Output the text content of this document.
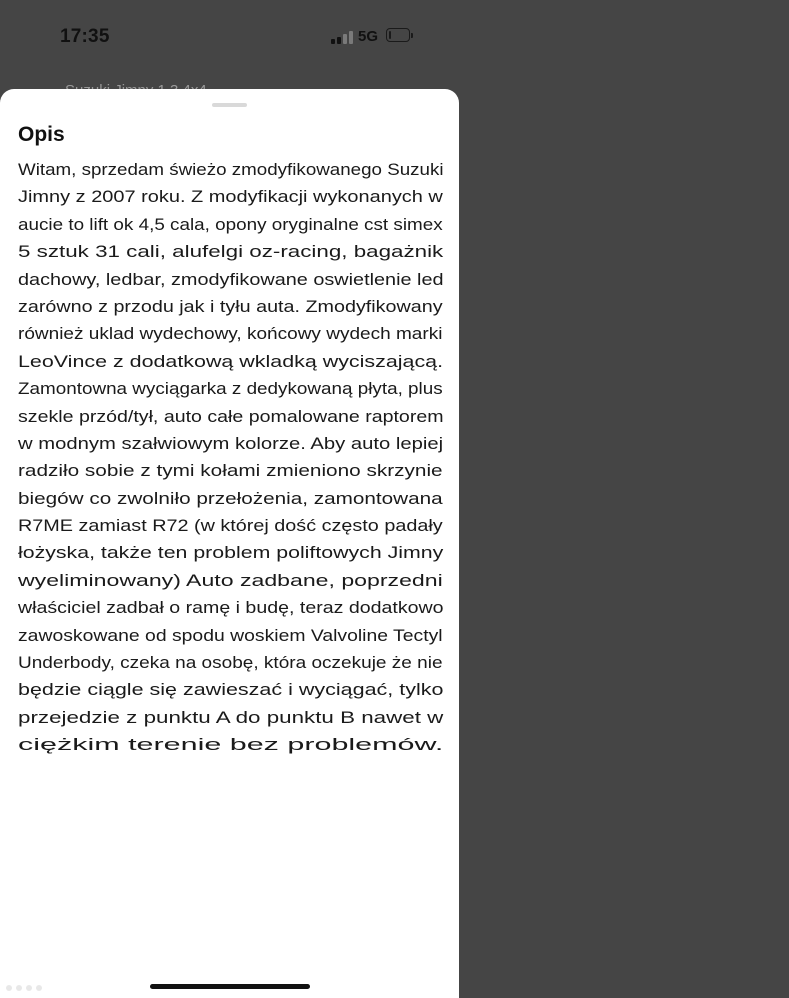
17:35	5G
Opis
Witam, sprzedam świeżo zmodyfikowanego Suzuki
Jimny z 2007 roku. Z modyfikacji wykonanych w
aucie to lift ok 4,5 cala, opony oryginalne cst simex
5 sztuk 31 cali, alufelgi oz-racing, bagażnik
dachowy, ledbar, zmodyfikowane oswietlenie led
zarówno z przodu jak i tyłu auta. Zmodyfikowany
również uklad wydechowy, końcowy wydech marki
LeoVince z dodatkową wkladką wyciszającą.
Zamontowna wyciągarka z dedykowaną płyta, plus
szekle przód/tył, auto całe pomalowane raptorem
w modnym szałwiowym kolorze. Aby auto lepiej
radziło sobie z tymi kołami zmieniono skrzynie
biegów co zwolniło przełożenia, zamontowana
R7ME zamiast R72 (w której dość często padały
łożyska, także ten problem poliftowych Jimny
wyeliminowany) Auto zadbane, poprzedni
właściciel zadbał o ramę i budę, teraz dodatkowo
zawoskowane od spodu woskiem Valvoline Tectyl
Underbody, czeka na osobę, która oczekuje że nie
będzie ciągle się zawieszać i wyciągać, tylko
przejedzie z punktu A do punktu B nawet w
ciężkim terenie bez problemów.
